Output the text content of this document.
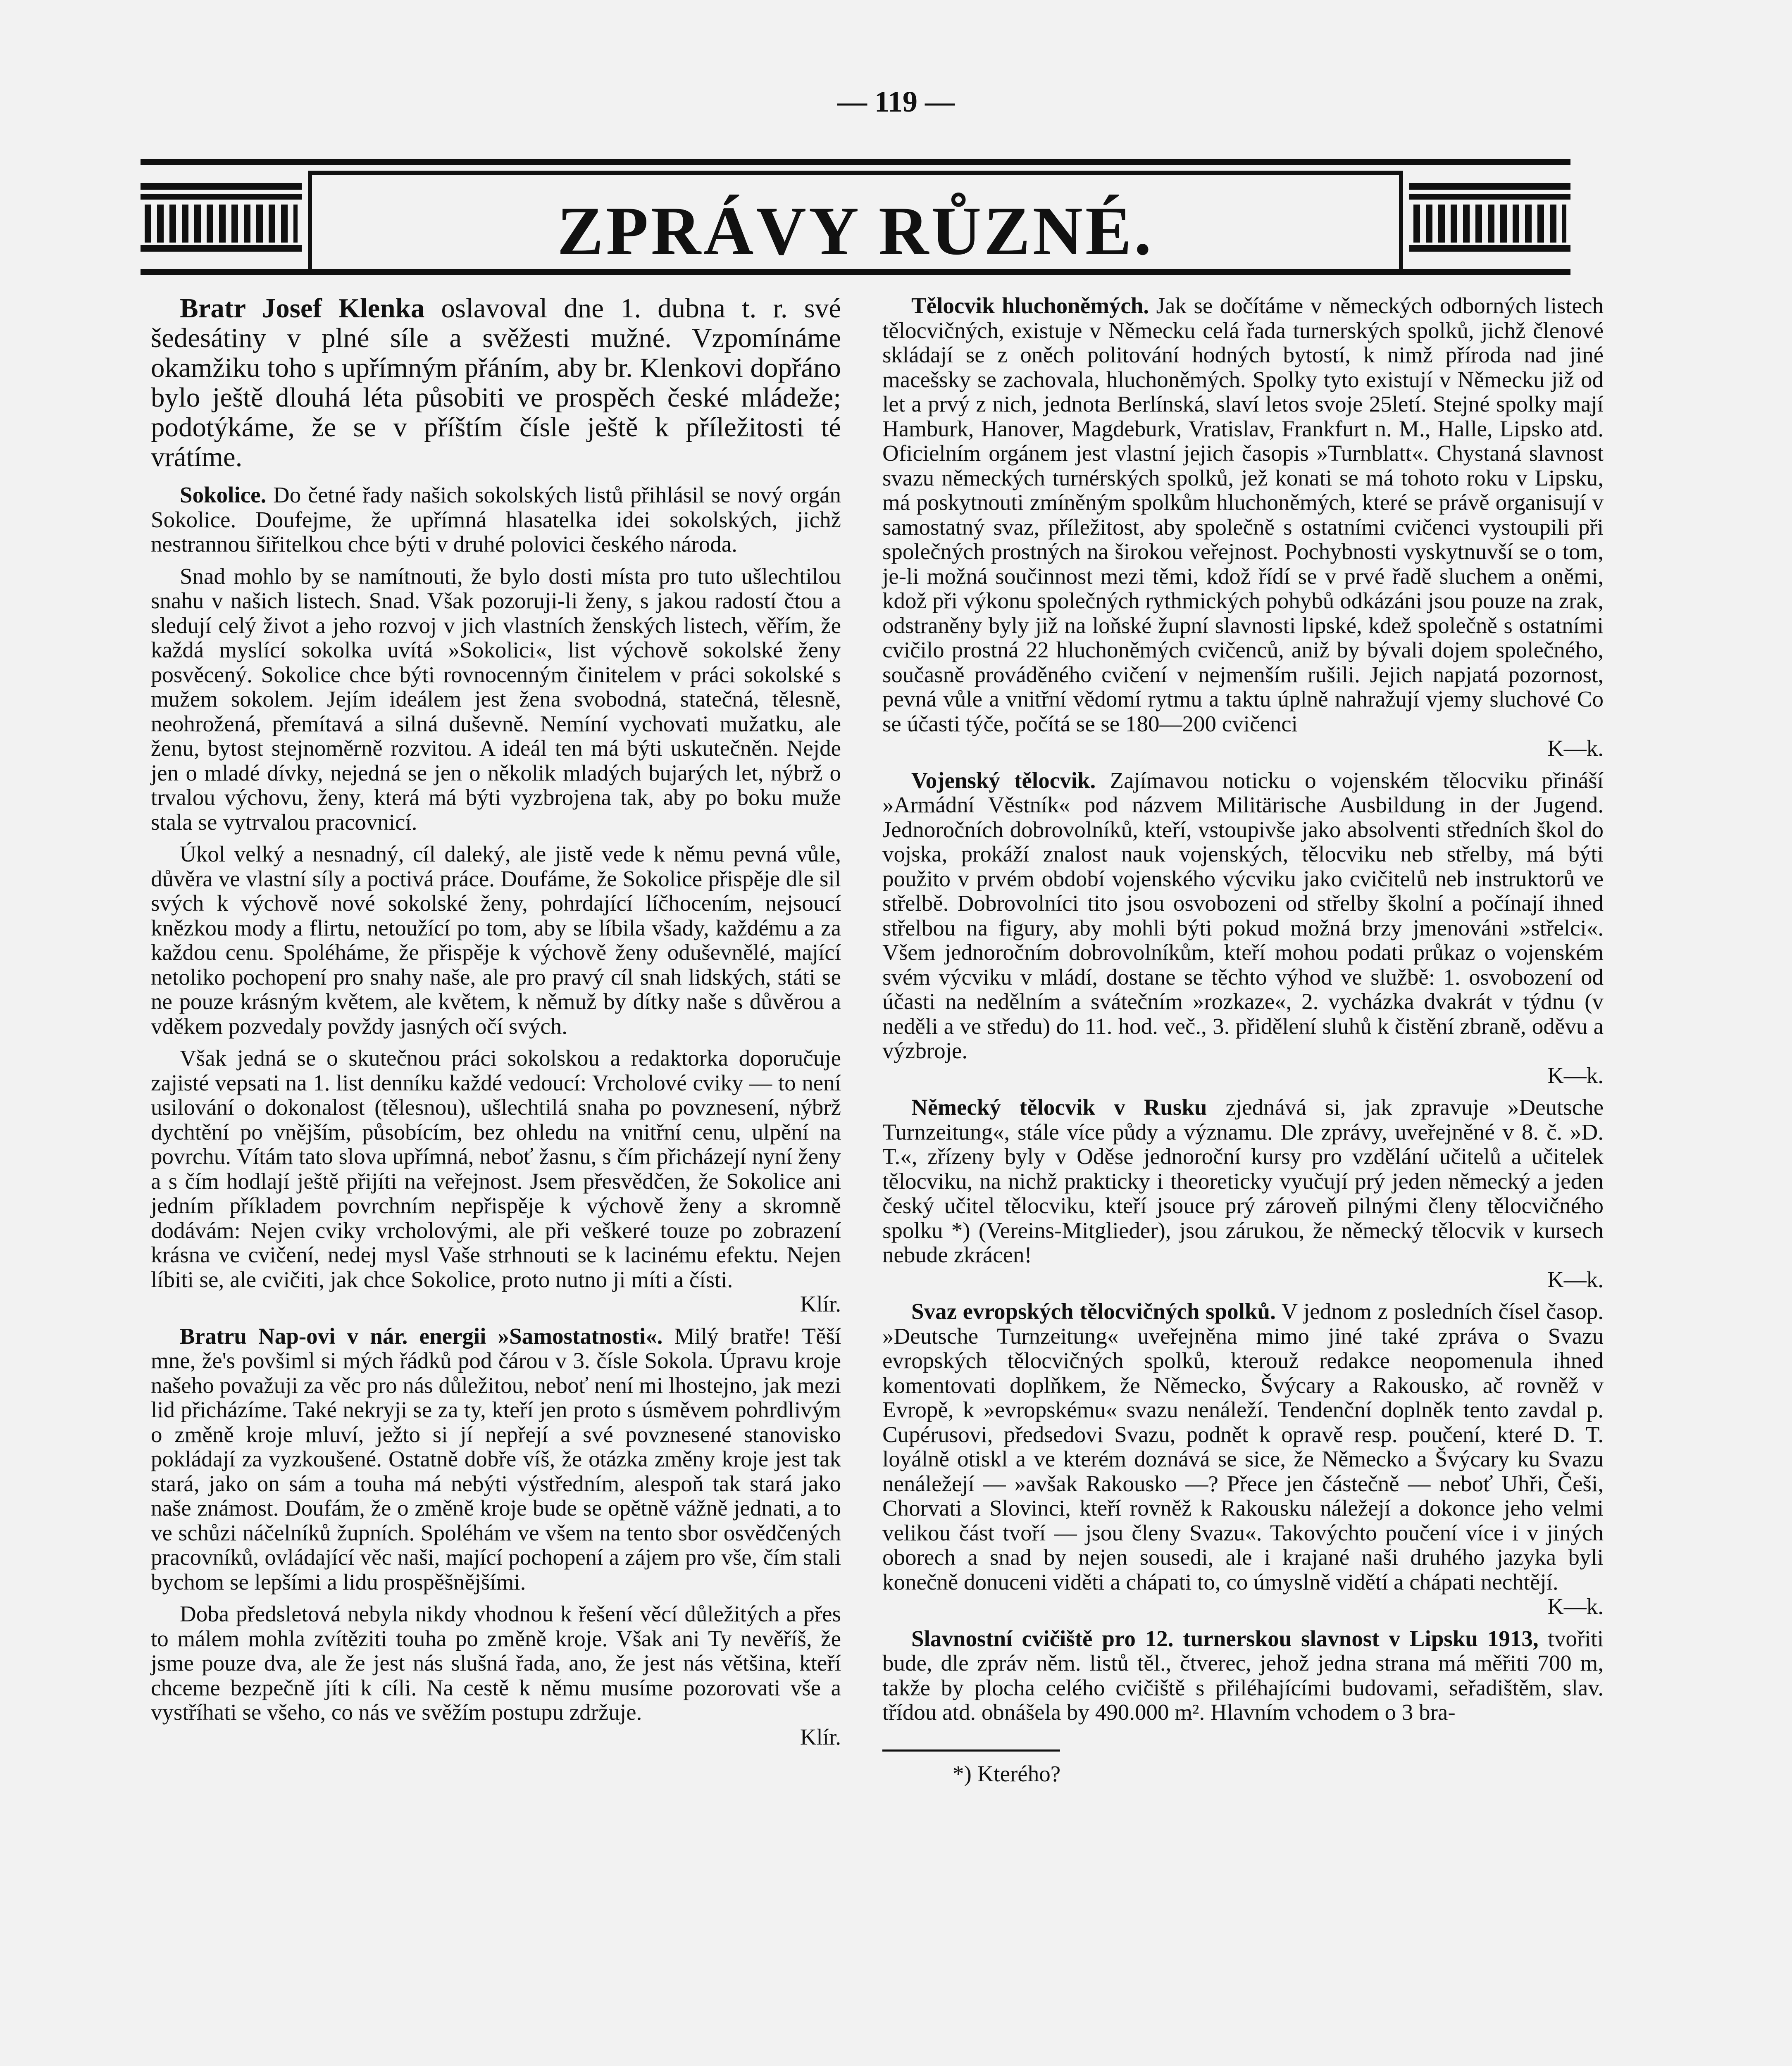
— 119 —
ZPRÁVY RŮZNÉ.

Bratr Josef Klenka oslavoval dne 1. dubna t. r. své šedesátiny v plné síle a svěžesti mužné. Vzpomínáme okamžiku toho s upřímným přáním, aby br. Klenkovi dopřáno bylo ještě dlouhá léta působiti ve prospěch české mládeže; podotýkáme, že se v příštím čísle ještě k příležitosti té vrátíme.

Sokolice. Do četné řady našich sokolských listů přihlásil se nový orgán Sokolice. Doufejme, že upřímná hlasatelka idei sokolských, jichž nestrannou šiřitelkou chce býti v druhé polovici českého národa.

Snad mohlo by se namítnouti, že bylo dosti místa pro tuto ušlechtilou snahu v našich listech. Snad. Však pozoruji-li ženy, s jakou radostí čtou a sledují celý život a jeho rozvoj v jich vlastních ženských listech, věřím, že každá myslící sokolka uvítá »Sokolici«, list výchově sokolské ženy posvěcený. Sokolice chce býti rovnocenným činitelem v práci sokolské s mužem sokolem. Jejím ideálem jest žena svobodná, statečná, tělesně, neohrožená, přemítavá a silná duševně. Nemíní vychovati mužatku, ale ženu, bytost stejnoměrně rozvitou. A ideál ten má býti uskutečněn. Nejde jen o mladé dívky, nejedná se jen o několik mladých bujarých let, nýbrž o trvalou výchovu, ženy, která má býti vyzbrojena tak, aby po boku muže stala se vytrvalou pracovnicí.

Úkol velký a nesnadný, cíl daleký, ale jistě vede k němu pevná vůle, důvěra ve vlastní síly a poctivá práce. Doufáme, že Sokolice přispěje dle sil svých k výchově nové sokolské ženy, pohrdající líčhocením, nejsoucí knězkou mody a flirtu, netoužící po tom, aby se líbila všady, každému a za každou cenu. Spoléháme, že přispěje k výchově ženy oduševnělé, mající netoliko pochopení pro snahy naše, ale pro pravý cíl snah lidských, státi se ne pouze krásným květem, ale květem, k němuž by dítky naše s důvěrou a vděkem pozvedaly povždy jasných očí svých.

Však jedná se o skutečnou práci sokolskou a redaktorka doporučuje zajisté vepsati na 1. list denníku každé vedoucí: Vrcholové cviky — to není usilování o dokonalost (tělesnou), ušlechtilá snaha po povznesení, nýbrž dychtění po vnějším, působícím, bez ohledu na vnitřní cenu, ulpění na povrchu. Vítám tato slova upřímná, neboť žasnu, s čím přicházejí nyní ženy a s čím hodlají ještě přijíti na veřejnost. Jsem přesvědčen, že Sokolice ani jedním příkladem povrchním nepřispěje k výchově ženy a skromně dodávám: Nejen cviky vrcholovými, ale při veškeré touze po zobrazení krásna ve cvičení, nedej mysl Vaše strhnouti se k lacinému efektu. Nejen líbiti se, ale cvičiti, jak chce Sokolice, proto nutno ji míti a čísti.
Klír.

Bratru Nap-ovi v nár. energii »Samostatnosti«. Milý bratře! Těší mne, že's povšiml si mých řádků pod čárou v 3. čísle Sokola. Úpravu kroje našeho považuji za věc pro nás důležitou, neboť není mi lhostejno, jak mezi lid přicházíme. Také nekryji se za ty, kteří jen proto s úsměvem pohrdlivým o změně kroje mluví, ježto si jí nepřejí a své povznesené stanovisko pokládají za vyzkoušené. Ostatně dobře víš, že otázka změny kroje jest tak stará, jako on sám a touha má nebýti výstředním, alespoň tak stará jako naše známost. Doufám, že o změně kroje bude se opětně vážně jednati, a to ve schůzi náčelníků župních. Spoléhám ve všem na tento sbor osvědčených pracovníků, ovládající věc naši, mající pochopení a zájem pro vše, čím stali bychom se lepšími a lidu prospěšnějšími.

Doba předsletová nebyla nikdy vhodnou k řešení věcí důležitých a přes to málem mohla zvítěziti touha po změně kroje. Však ani Ty nevěříš, že jsme pouze dva, ale že jest nás slušná řada, ano, že jest nás většina, kteří chceme bezpečně jíti k cíli. Na cestě k němu musíme pozorovati vše a vystříhati se všeho, co nás ve svěžím postupu zdržuje.
Klír.

Tělocvik hluchoněmých. Jak se dočítáme v německých odborných listech tělocvičných, existuje v Německu celá řada turnerských spolků, jichž členové skládají se z oněch politování hodných bytostí, k nimž příroda nad jiné macešsky se zachovala, hluchoněmých. Spolky tyto existují v Německu již od let a prvý z nich, jednota Berlínská, slaví letos svoje 25letí. Stejné spolky mají Hamburk, Hanover, Magdeburk, Vratislav, Frankfurt n. M., Halle, Lipsko atd. Oficielním orgánem jest vlastní jejich časopis »Turnblatt«. Chystaná slavnost svazu německých turnérských spolků, jež konati se má tohoto roku v Lipsku, má poskytnouti zmíněným spolkům hluchoněmých, které se právě organisují v samostatný svaz, příležitost, aby společně s ostatními cvičenci vystoupili při společných prostných na širokou veřejnost. Pochybnosti vyskytnuvší se o tom, je-li možná součinnost mezi těmi, kdož řídí se v prvé řadě sluchem a oněmi, kdož při výkonu společných rythmických pohybů odkázáni jsou pouze na zrak, odstraněny byly již na loňské župní slavnosti lipské, kdež společně s ostatními cvičilo prostná 22 hluchoněmých cvičenců, aniž by bývali dojem společného, současně prováděného cvičení v nejmenším rušili. Jejich napjatá pozornost, pevná vůle a vnitřní vědomí rytmu a taktu úplně nahražují vjemy sluchové Co se účasti týče, počítá se se 180—200 cvičenci
K—k.

Vojenský tělocvik. Zajímavou noticku o vojenském tělocviku přináší »Armádní Věstník« pod názvem Militärische Ausbildung in der Jugend. Jednoročních dobrovolníků, kteří, vstoupivše jako absolventi středních škol do vojska, prokáží znalost nauk vojenských, tělocviku neb střelby, má býti použito v prvém období vojenského výcviku jako cvičitelů neb instruktorů ve střelbě. Dobrovolníci tito jsou osvobozeni od střelby školní a počínají ihned střelbou na figury, aby mohli býti pokud možná brzy jmenováni »střelci«. Všem jednoročním dobrovolníkům, kteří mohou podati průkaz o vojenském svém výcviku v mládí, dostane se těchto výhod ve službě: 1. osvobození od účasti na nedělním a svátečním »rozkaze«, 2. vycházka dvakrát v týdnu (v neděli a ve středu) do 11. hod. več., 3. přidělení sluhů k čistění zbraně, oděvu a výzbroje.
K—k.

Německý tělocvik v Rusku zjednává si, jak zpravuje »Deutsche Turnzeitung«, stále více půdy a významu. Dle zprávy, uveřejněné v 8. č. »D. T.«, zřízeny byly v Oděse jednoroční kursy pro vzdělání učitelů a učitelek tělocviku, na nichž prakticky i theoreticky vyučují prý jeden německý a jeden český učitel tělocviku, kteří jsouce prý zároveň pilnými členy tělocvičného spolku *) (Vereins-Mitglieder), jsou zárukou, že německý tělocvik v kursech nebude zkrácen!
K—k.

Svaz evropských tělocvičných spolků. V jednom z posledních čísel časop. »Deutsche Turnzeitung« uveřejněna mimo jiné také zpráva o Svazu evropských tělocvičných spolků, kterouž redakce neopomenula ihned komentovati doplňkem, že Německo, Švýcary a Rakousko, ač rovněž v Evropě, k »evropskému« svazu nenáleží. Tendenční doplněk tento zavdal p. Cupérusovi, předsedovi Svazu, podnět k opravě resp. poučení, které D. T. loyálně otiskl a ve kterém doznává se sice, že Německo a Švýcary ku Svazu nenáležejí — »avšak Rakousko —? Přece jen částečně — neboť Uhři, Češi, Chorvati a Slovinci, kteří rovněž k Rakousku náležejí a dokonce jeho velmi velikou část tvoří — jsou členy Svazu«. Takovýchto poučení více i v jiných oborech a snad by nejen sousedi, ale i krajané naši druhého jazyka byli konečně donuceni viděti a chápati to, co úmyslně vidětí a chápati nechtějí.
K—k.

Slavnostní cvičiště pro 12. turnerskou slavnost v Lipsku 1913, tvořiti bude, dle zpráv něm. listů těl., čtverec, jehož jedna strana má měřiti 700 m, takže by plocha celého cvičiště s přiléhajícími budovami, seřadištěm, slav. třídou atd. obnášela by 490.000 m². Hlavním vchodem o 3 bra-

*) Kterého?
